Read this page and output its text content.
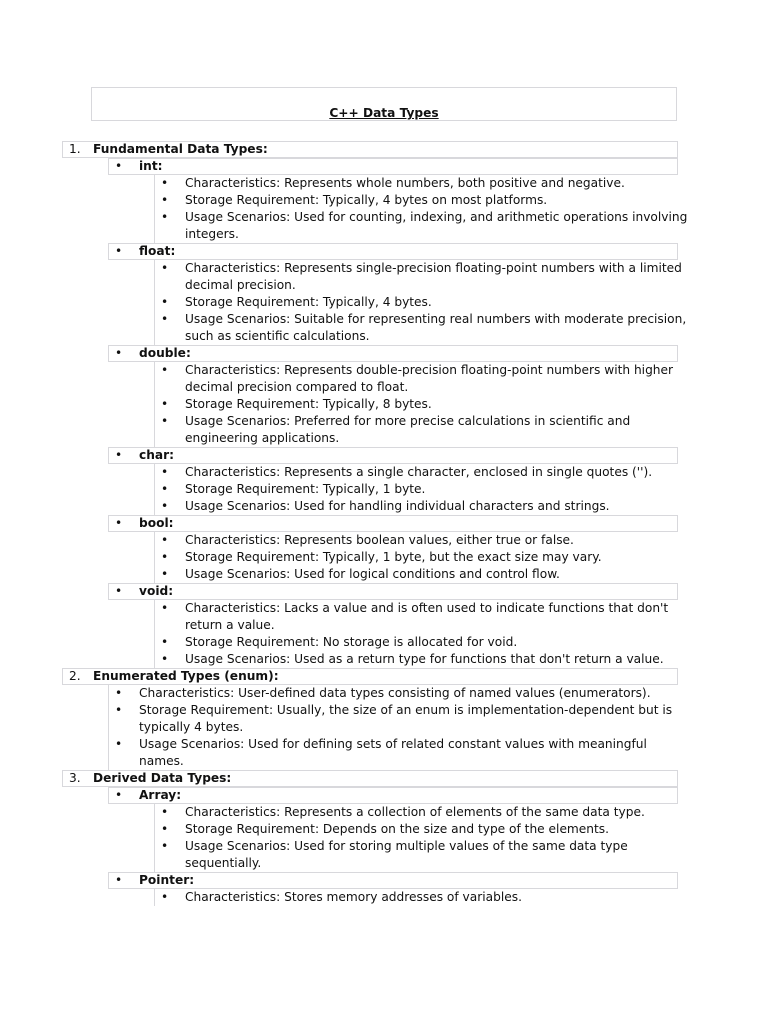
C++ Data Types
1. Fundamental Data Types:
• int:
• Characteristics: Represents whole numbers, both positive and negative.
• Storage Requirement: Typically, 4 bytes on most platforms.
• Usage Scenarios: Used for counting, indexing, and arithmetic operations involving
integers.
• float:
• Characteristics: Represents single-precision floating-point numbers with a limited
decimal precision.
• Storage Requirement: Typically, 4 bytes.
• Usage Scenarios: Suitable for representing real numbers with moderate precision,
such as scientific calculations.
• double:
• Characteristics: Represents double-precision floating-point numbers with higher
decimal precision compared to float.
• Storage Requirement: Typically, 8 bytes.
• Usage Scenarios: Preferred for more precise calculations in scientific and
engineering applications.
• char:
• Characteristics: Represents a single character, enclosed in single quotes ('').
• Storage Requirement: Typically, 1 byte.
• Usage Scenarios: Used for handling individual characters and strings.
• bool:
• Characteristics: Represents boolean values, either true or false.
• Storage Requirement: Typically, 1 byte, but the exact size may vary.
• Usage Scenarios: Used for logical conditions and control flow.
• void:
• Characteristics: Lacks a value and is often used to indicate functions that don't
return a value.
• Storage Requirement: No storage is allocated for void.
• Usage Scenarios: Used as a return type for functions that don't return a value.
2. Enumerated Types (enum):
• Characteristics: User-defined data types consisting of named values (enumerators).
• Storage Requirement: Usually, the size of an enum is implementation-dependent but is
typically 4 bytes.
• Usage Scenarios: Used for defining sets of related constant values with meaningful
names.
3. Derived Data Types:
• Array:
• Characteristics: Represents a collection of elements of the same data type.
• Storage Requirement: Depends on the size and type of the elements.
• Usage Scenarios: Used for storing multiple values of the same data type
sequentially.
• Pointer:
• Characteristics: Stores memory addresses of variables.
